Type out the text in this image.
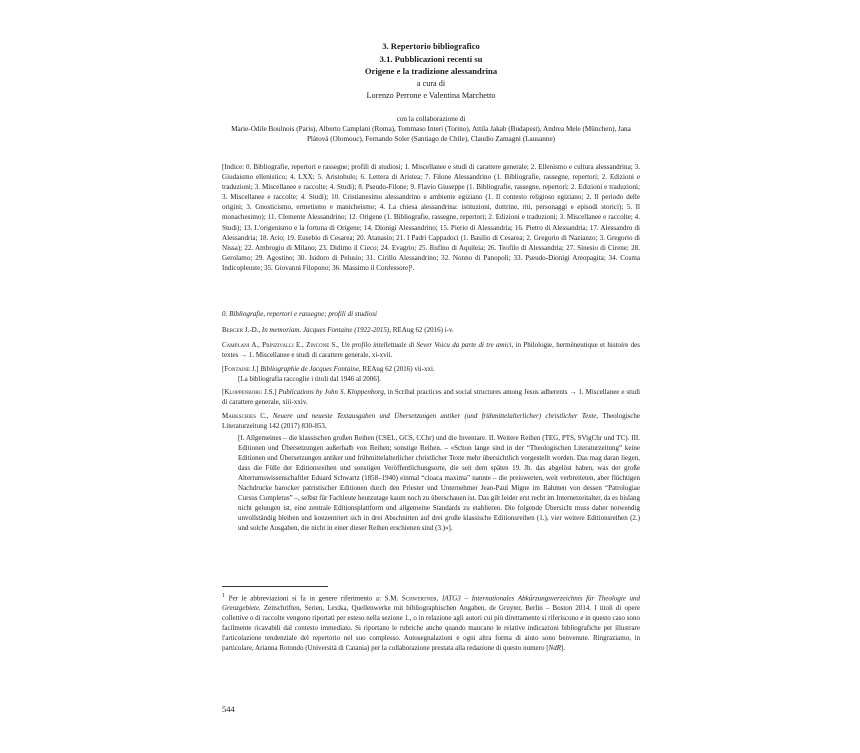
3. Repertorio bibliografico
3.1. Pubblicazioni recenti su
Origene e la tradizione alessandrina
a cura di
Lorenzo Perrone e Valentina Marchetto
con la collaborazione di
Marie-Odile Boulnois (Paris), Alberto Camplani (Roma), Tommaso Interi (Torino), Attila Jakab (Budapest), Andrea Mele (München), Jana Plátová (Olomouc), Fernando Soler (Santiago de Chile), Claudio Zamagni (Lausanne)
[Indice: 0. Bibliografie, repertori e rassegne; profili di studiosi; 1. Miscellanee e studi di carattere generale; 2. Ellenismo e cultura alessandrina; 3. Giudaismo ellenistico; 4. LXX; 5. Aristobulo; 6. Lettera di Aristea; 7. Filone Alessandrino (1. Bibliografie, rassegne, repertori; 2. Edizioni e traduzioni; 3. Miscellanee e raccolte; 4. Studi); 8. Pseudo-Filone; 9. Flavio Giuseppe (1. Bibliografie, rassegne, repertori; 2. Edizioni e traduzioni; 3. Miscellanee e raccolte; 4. Studi); 10. Cristianesimo alessandrino e ambiente egiziano (1. Il contesto religioso egiziano; 2. Il periodo delle origini; 3. Gnosticismo, ermetismo e manicheismo; 4. La chiesa alessandrina: istituzioni, dottrine, riti, personaggi e episodi storici); 5. Il monachesimo); 11. Clemente Alessandrino; 12. Origene (1. Bibliografie, rassegne, repertori; 2. Edizioni e traduzioni; 3. Miscellanee e raccolte; 4. Studi); 13. L'origenismo e la fortuna di Origene; 14. Dionigi Alessandrino; 15. Pierio di Alessandria; 16. Pietro di Alessandria; 17. Alessandro di Alessandria; 18. Ario; 19. Eusebio di Cesarea; 20. Atanasio; 21. I Padri Cappadoci (1. Basilio di Cesarea; 2. Gregorio di Nazianzo; 3. Gregorio di Nissa); 22. Ambrogio di Milano; 23. Didimo il Cieco; 24. Evagrio; 25. Rufino di Aquileia; 26. Teofilo di Alessandria; 27. Sinesio di Cirene; 28. Gerolamo; 29. Agostino; 30. Isidoro di Pelusio; 31. Cirillo Alessandrino; 32. Nonno di Panopoli; 33. Pseudo-Dionigi Areopagita; 34. Cosma Indicopleuste; 35. Giovanni Filopono; 36. Massimo il Confessore]¹.
0. Bibliografie, repertori e rassegne; profili di studiosi
Berger J.-D., In memoriam. Jacques Fontaine (1922-2015), REAug 62 (2016) i-v.
Camplani A., Prinzivalli E., Zincone S., Un profilo intellettuale di Sever Voicu da parte di tre amici, in Philologie, herméneutique et histoire des textes → 1. Miscellanee e studi di carattere generale, xi-xvii.
[Fontaine J.] Bibliographie de Jacques Fontaine, REAug 62 (2016) vii-xxi.
[La bibliografia raccoglie i titoli dal 1946 al 2006].
[Kloppenborg J.S.] Publications by John S. Kloppenborg, in Scribal practices and social structures among Jesus adherents → 1. Miscellanee e studi di carattere generale, xiii-xxiv.
Markschies C., Neuere und neueste Textausgaben und Übersetzungen antiker (und frühmittelalterlicher) christlicher Texte, Theologische Literaturzeitung 142 (2017) 830-853.
[I. Allgemeines – die klassischen großen Reihen (CSEL, GCS, CChr) und die Inventare. II. Weitere Reihen (TEG, PTS, SVigChr und TC). III. Editionen und Übersetzungen außerhalb von Reihen; sonstige Reihen. – «Schon lange sind in der “Theologischen Literaturzeitung” keine Editionen und Übersetzungen antiker und frühmittelalterlicher christlicher Texte mehr übersichtlich vorgestellt worden. Das mag daran liegen, dass die Fülle der Editionsreihen und sonstigen Veröffentlichungsorte, die seit dem späten 19. Jh. das abgelöst haben, was der große Altertumswissenschaftler Eduard Schwartz (1858–1940) einmal “cloaca maxima” nannte – die preiswerten, weit verbreiteten, aber flüchtigen Nachdrucke barocker patristischer Editionen durch den Priester und Unternehmer Jean-Paul Migne im Rahmen von dessen “Patrologiae Cursus Completus” –, selbst für Fachleute heutzutage kaum noch zu überschauen ist. Das gilt leider erst recht im Internetzeitalter, da es bislang nicht gelungen ist, eine zentrale Editionsplattform und allgemeine Standards zu etablieren. Die folgende Übersicht muss daher notwendig unvollständig bleiben und konzentriert sich in drei Abschnitten auf drei große klassische Editionsreihen (1.), vier weitere Editionsreihen (2.) und solche Ausgaben, die nicht in einer dieser Reihen erschienen sind (3.)»].
$^1$ Per le abbreviazioni si fa in genere riferimento a: S.M. Schwertner, IATG3 – Internationales Abkürzungsverzeichnis für Theologie und Grenzgebiete. Zeitschriften, Serien, Lexika, Quellenwerke mit bibliographischen Angaben, de Gruyter, Berlin – Boston 2014. I titoli di opere collettive o di raccolte vengono riportati per esteso nella sezione 1., o in relazione agli autori cui più direttamente si riferiscono e in questo caso sono facilmente ricavabili dal contesto immediato. Si riportano le rubriche anche quando mancano le relative indicazioni bibliografiche per illustrare l'articolazione tendenziale del repertorio nel suo complesso. Autosegnalazioni e ogni altra forma di aiuto sono benvenute. Ringraziamo, in particolare, Arianna Rotondo (Università di Catania) per la collaborazione prestata alla redazione di questo numero [NdR].
544
